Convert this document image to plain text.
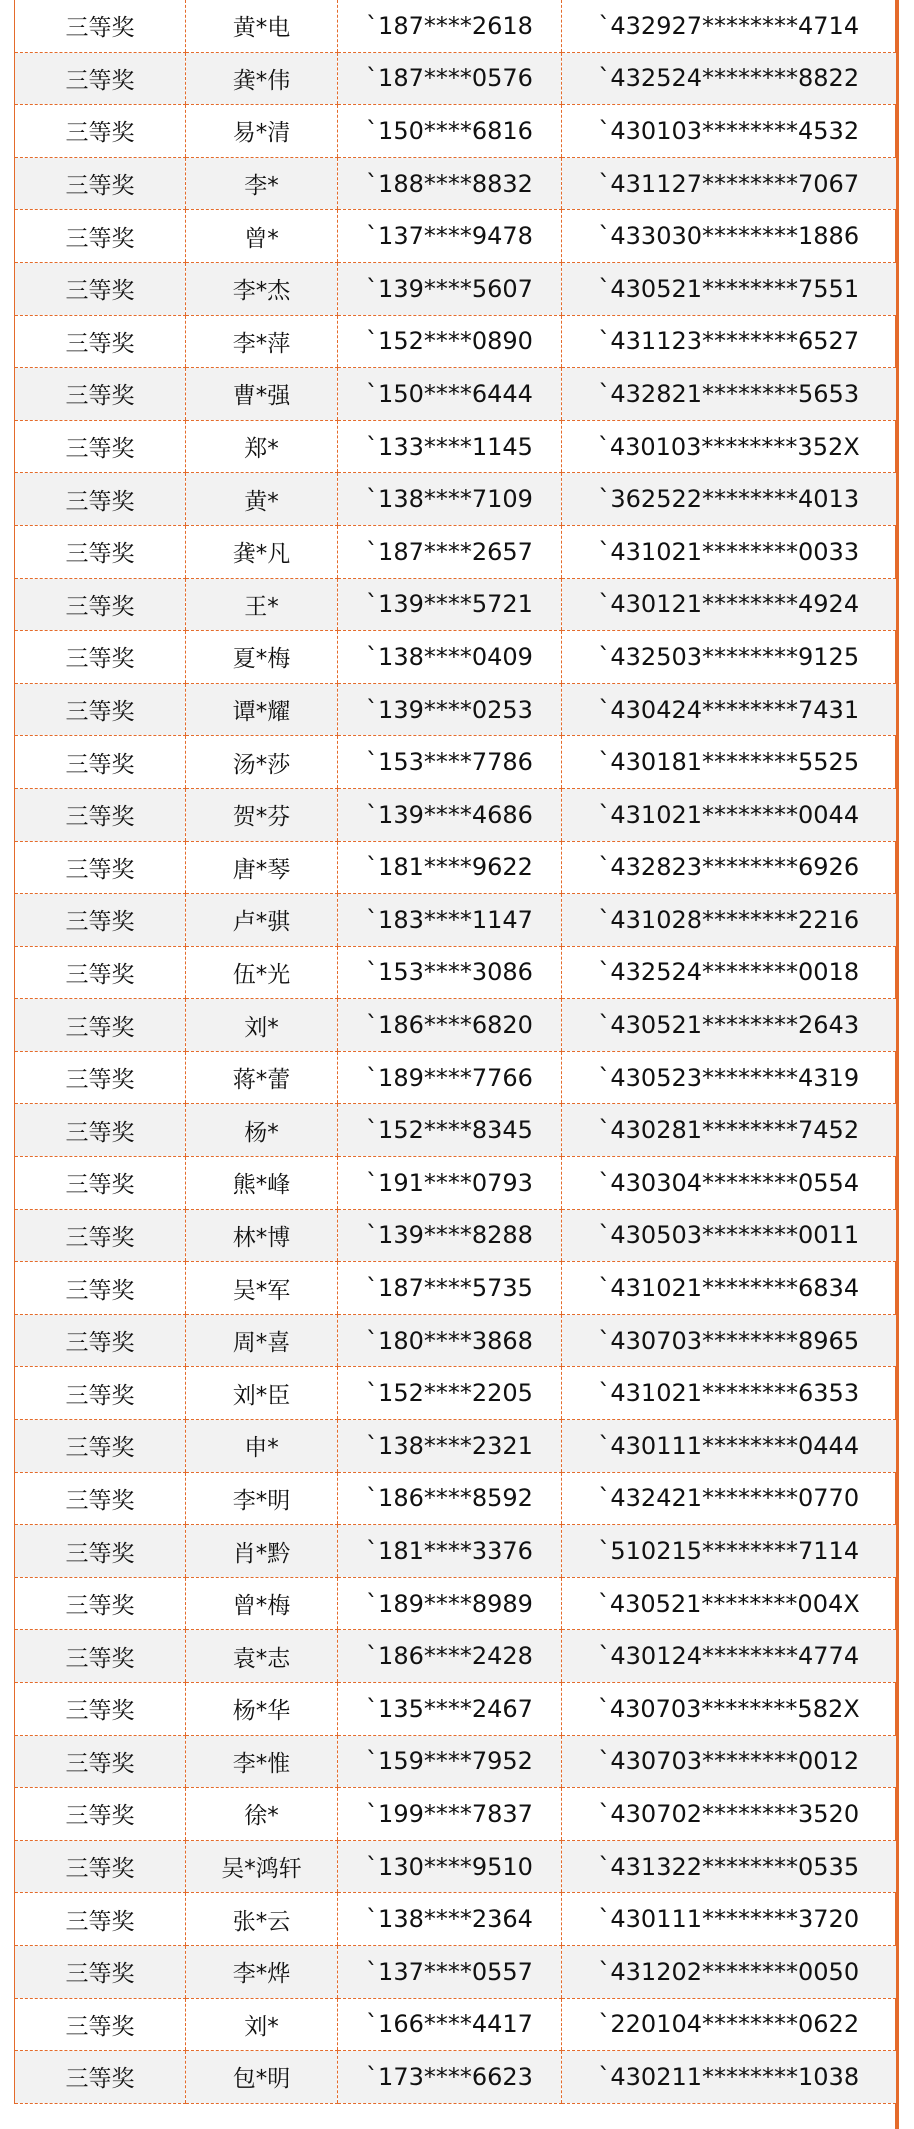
三等奖	黄*电	`187****2618	`432927********4714
三等奖	龚*伟	`187****0576	`432524********8822
三等奖	易*清	`150****6816	`430103********4532
三等奖	李*	`188****8832	`431127********7067
三等奖	曾*	`137****9478	`433030********1886
三等奖	李*杰	`139****5607	`430521********7551
三等奖	李*萍	`152****0890	`431123********6527
三等奖	曹*强	`150****6444	`432821********5653
三等奖	郑*	`133****1145	`430103********352X
三等奖	黄*	`138****7109	`362522********4013
三等奖	龚*凡	`187****2657	`431021********0033
三等奖	王*	`139****5721	`430121********4924
三等奖	夏*梅	`138****0409	`432503********9125
三等奖	谭*耀	`139****0253	`430424********7431
三等奖	汤*莎	`153****7786	`430181********5525
三等奖	贺*芬	`139****4686	`431021********0044
三等奖	唐*琴	`181****9622	`432823********6926
三等奖	卢*骐	`183****1147	`431028********2216
三等奖	伍*光	`153****3086	`432524********0018
三等奖	刘*	`186****6820	`430521********2643
三等奖	蒋*蕾	`189****7766	`430523********4319
三等奖	杨*	`152****8345	`430281********7452
三等奖	熊*峰	`191****0793	`430304********0554
三等奖	林*博	`139****8288	`430503********0011
三等奖	吴*军	`187****5735	`431021********6834
三等奖	周*喜	`180****3868	`430703********8965
三等奖	刘*臣	`152****2205	`431021********6353
三等奖	申*	`138****2321	`430111********0444
三等奖	李*明	`186****8592	`432421********0770
三等奖	肖*黔	`181****3376	`510215********7114
三等奖	曾*梅	`189****8989	`430521********004X
三等奖	袁*志	`186****2428	`430124********4774
三等奖	杨*华	`135****2467	`430703********582X
三等奖	李*惟	`159****7952	`430703********0012
三等奖	徐*	`199****7837	`430702********3520
三等奖	吴*鸿轩	`130****9510	`431322********0535
三等奖	张*云	`138****2364	`430111********3720
三等奖	李*烨	`137****0557	`431202********0050
三等奖	刘*	`166****4417	`220104********0622
三等奖	包*明	`173****6623	`430211********1038
